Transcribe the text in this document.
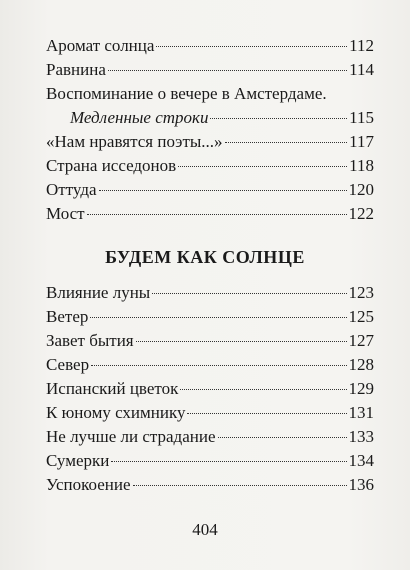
Аромат солнца	112
Равнина	114
Воспоминание о вечере в Амстердаме.
Медленные строки	115
«Нам нравятся поэты...»	117
Страна исседонов	118
Оттуда	120
Мост	122
БУДЕМ КАК СОЛНЦЕ
Влияние луны	123
Ветер	125
Завет бытия	127
Север	128
Испанский цветок	129
К юному схимнику	131
Не лучше ли страдание	133
Сумерки	134
Успокоение	136
404
